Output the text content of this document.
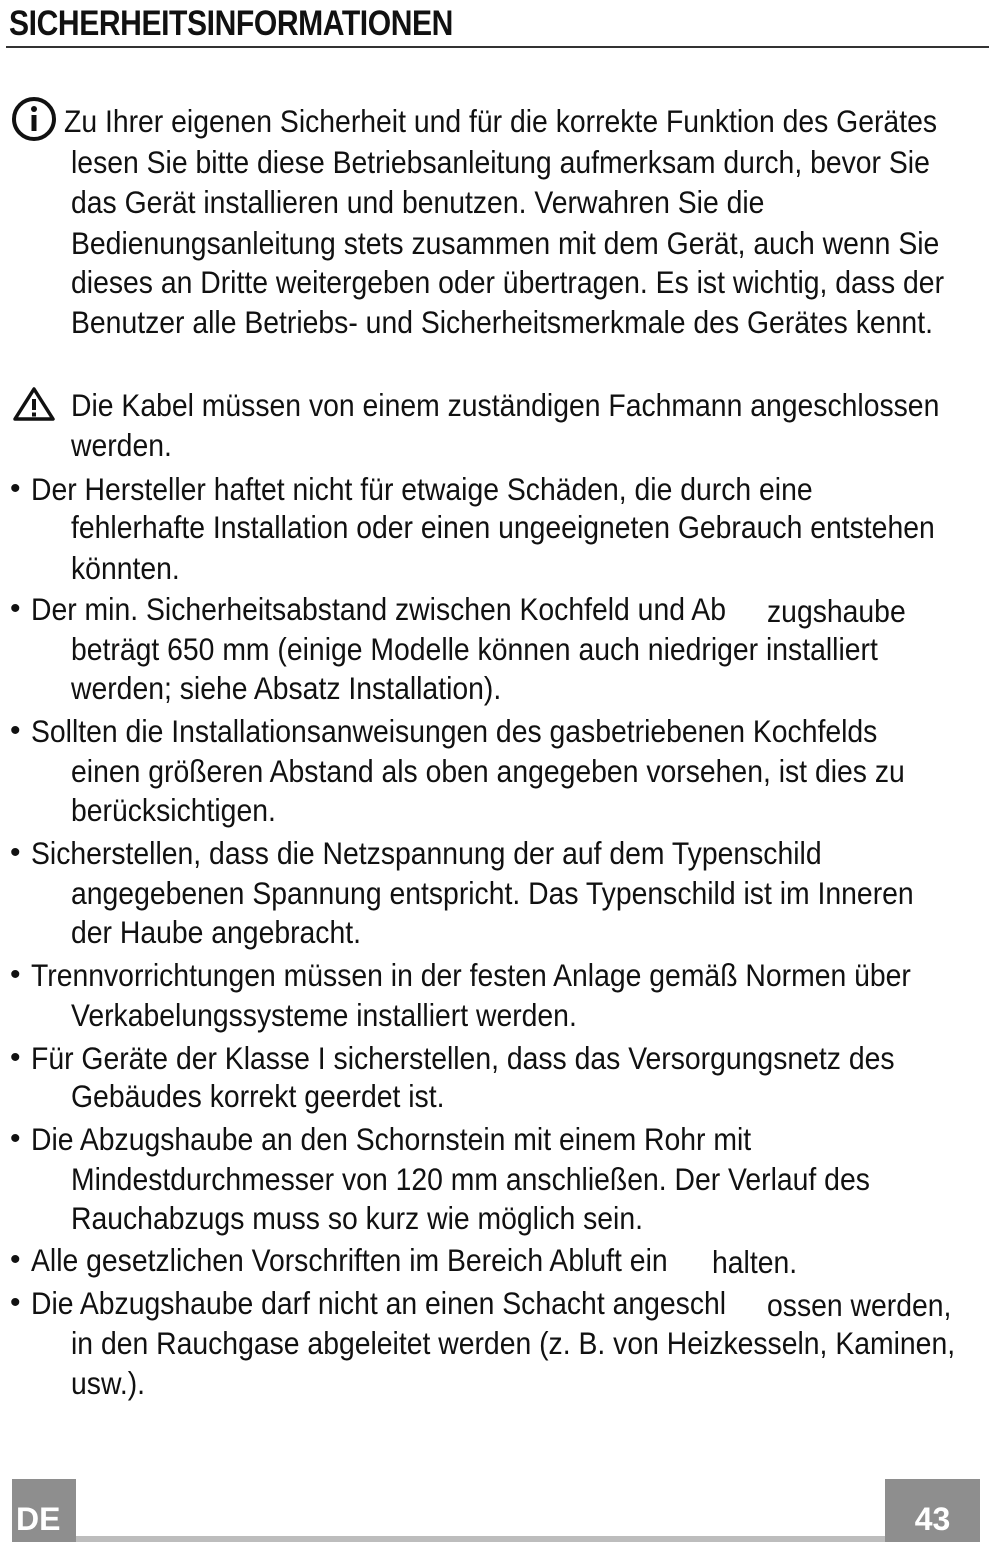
SICHERHEITSINFORMATIONEN
Zu Ihrer eigenen Sicherheit und für die korrekte Funktion des Gerätes
lesen Sie bitte diese Betriebsanleitung aufmerksam durch, bevor Sie
das Gerät installieren und benutzen. Verwahren Sie die
Bedienungsanleitung stets zusammen mit dem Gerät, auch wenn Sie
dieses an Dritte weitergeben oder übertragen. Es ist wichtig, dass der
Benutzer alle Betriebs- und Sicherheitsmerkmale des Gerätes kennt.
Die Kabel müssen von einem zuständigen Fachmann angeschlossen
werden.
• Der Hersteller haftet nicht für etwaige Schäden, die durch eine
fehlerhafte Installation oder einen ungeeigneten Gebrauch entstehen
könnten.
• Der min. Sicherheitsabstand zwischen Kochfeld und Ab zugshaube
beträgt 650 mm (einige Modelle können auch niedriger installiert
werden; siehe Absatz Installation).
• Sollten die Installationsanweisungen des gasbetriebenen Kochfelds
einen größeren Abstand als oben angegeben vorsehen, ist dies zu
berücksichtigen.
• Sicherstellen, dass die Netzspannung der auf dem Typenschild
angegebenen Spannung entspricht. Das Typenschild ist im Inneren
der Haube angebracht.
• Trennvorrichtungen müssen in der festen Anlage gemäß Normen über
Verkabelungssysteme installiert werden.
• Für Geräte der Klasse I sicherstellen, dass das Versorgungsnetz des
Gebäudes korrekt geerdet ist.
• Die Abzugshaube an den Schornstein mit einem Rohr mit
Mindestdurchmesser von 120 mm anschließen. Der Verlauf des
Rauchabzugs muss so kurz wie möglich sein.
• Alle gesetzlichen Vorschriften im Bereich Abluft ein halten.
• Die Abzugshaube darf nicht an einen Schacht angeschl ossen werden,
in den Rauchgase abgeleitet werden (z. B. von Heizkesseln, Kaminen,
usw.).
DE	43
